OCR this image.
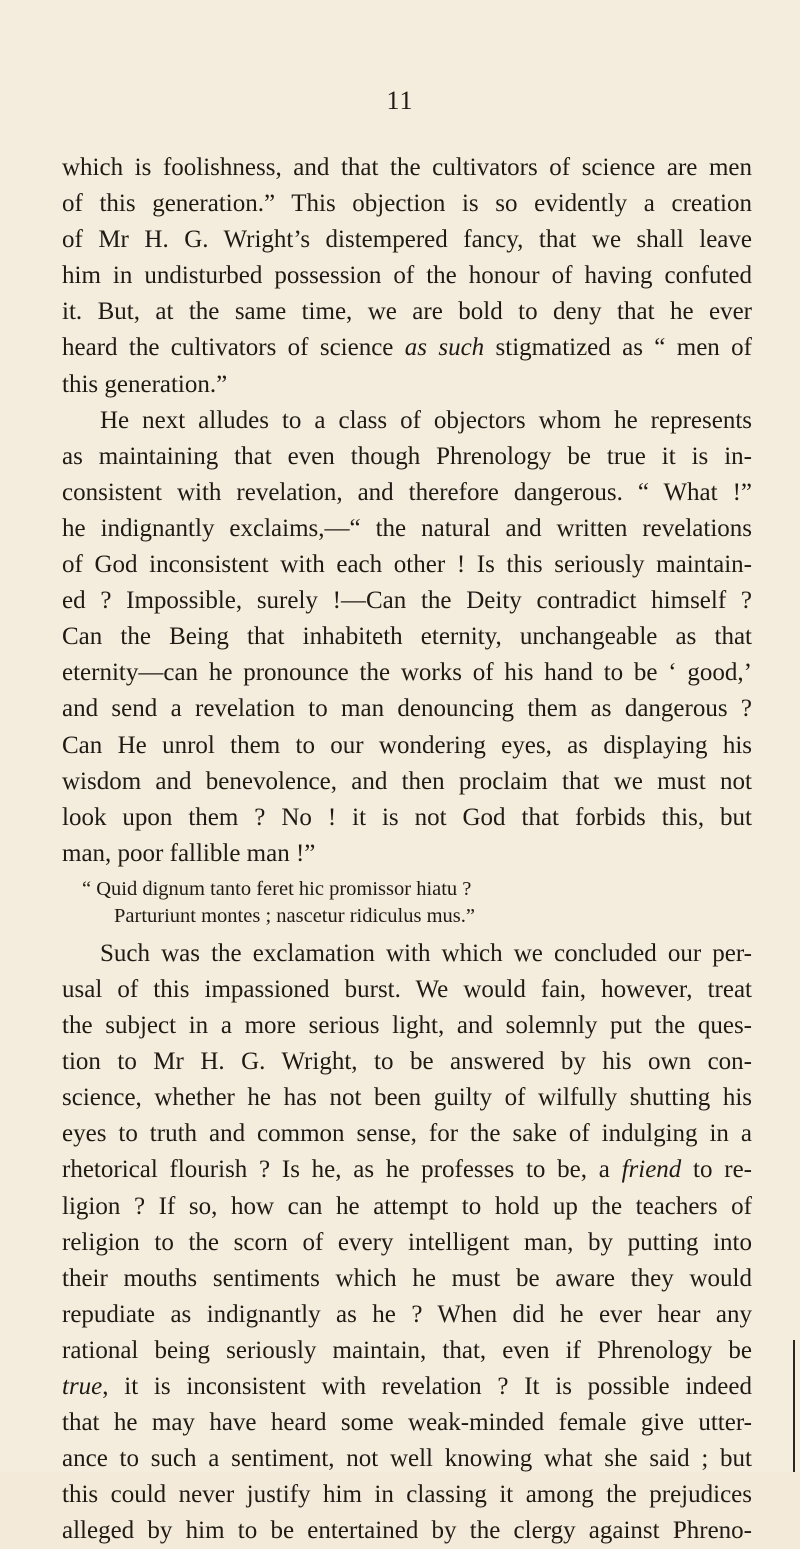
11
which is foolishness, and that the cultivators of science are men
of this generation.” This objection is so evidently a creation
of Mr H. G. Wright’s distempered fancy, that we shall leave
him in undisturbed possession of the honour of having confuted
it. But, at the same time, we are bold to deny that he ever
heard the cultivators of science as such stigmatized as “ men of
this generation.”
He next alludes to a class of objectors whom he represents
as maintaining that even though Phrenology be true it is in-
consistent with revelation, and therefore dangerous. “ What !”
he indignantly exclaims,—“ the natural and written revelations
of God inconsistent with each other ! Is this seriously maintain-
ed ? Impossible, surely !—Can the Deity contradict himself ?
Can the Being that inhabiteth eternity, unchangeable as that
eternity—can he pronounce the works of his hand to be ‘ good,’
and send a revelation to man denouncing them as dangerous ?
Can He unrol them to our wondering eyes, as displaying his
wisdom and benevolence, and then proclaim that we must not
look upon them ? No ! it is not God that forbids this, but
man, poor fallible man !”
“ Quid dignum tanto feret hic promissor hiatu ?
Parturiunt montes ; nascetur ridiculus mus.”
Such was the exclamation with which we concluded our per-
usal of this impassioned burst. We would fain, however, treat
the subject in a more serious light, and solemnly put the ques-
tion to Mr H. G. Wright, to be answered by his own con-
science, whether he has not been guilty of wilfully shutting his
eyes to truth and common sense, for the sake of indulging in a
rhetorical flourish ? Is he, as he professes to be, a friend to re-
ligion ? If so, how can he attempt to hold up the teachers of
religion to the scorn of every intelligent man, by putting into
their mouths sentiments which he must be aware they would
repudiate as indignantly as he ? When did he ever hear any
rational being seriously maintain, that, even if Phrenology be
true, it is inconsistent with revelation ? It is possible indeed
that he may have heard some weak-minded female give utter-
ance to such a sentiment, not well knowing what she said ; but
this could never justify him in classing it among the prejudices
alleged by him to be entertained by the clergy against Phreno-
